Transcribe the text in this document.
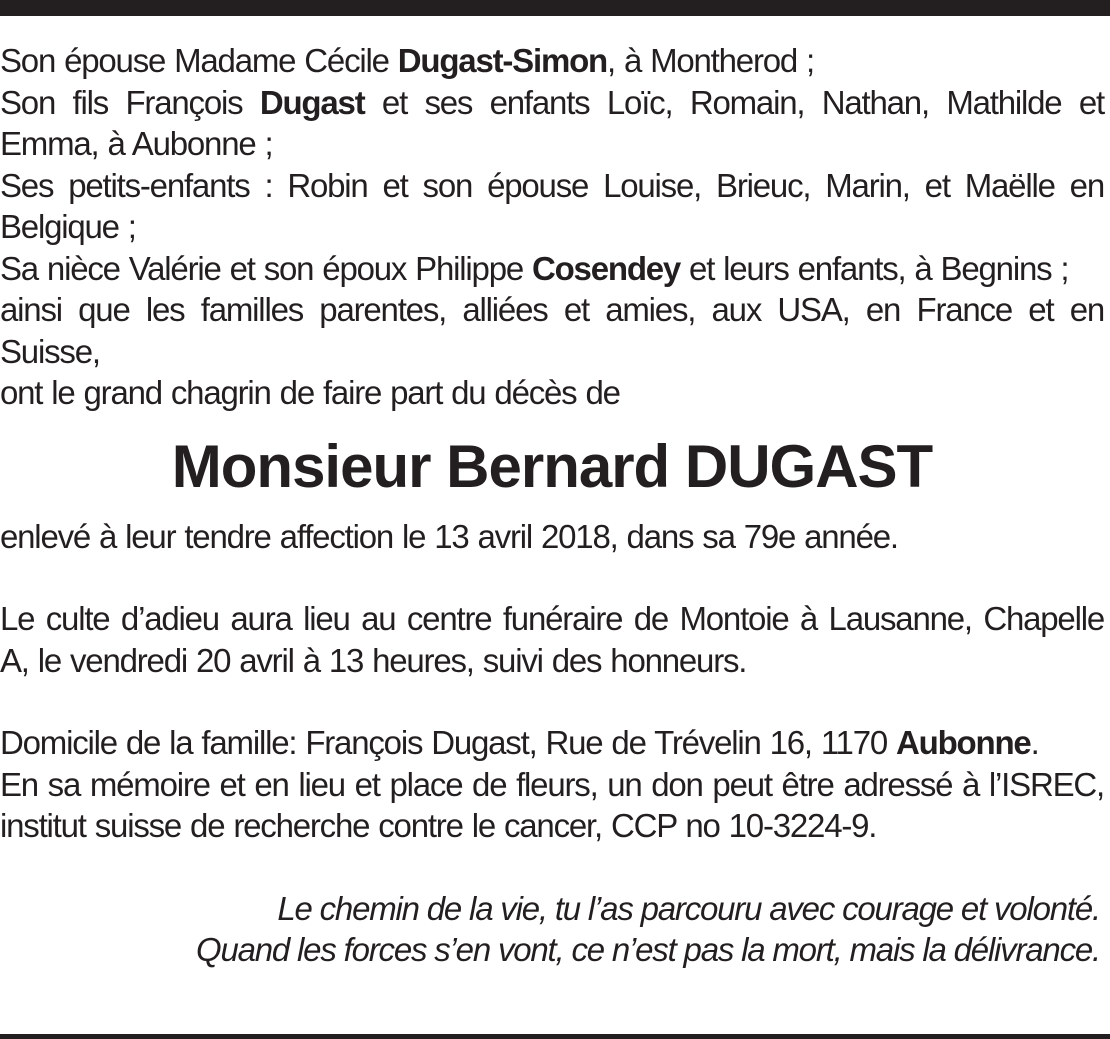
Son épouse Madame Cécile Dugast-Simon, à Montherod ;

Son fils François Dugast et ses enfants Loïc, Romain, Nathan, Mathilde et Emma, à Aubonne ;

Ses petits-enfants : Robin et son épouse Louise, Brieuc, Marin, et Maëlle en Belgique ;

Sa nièce Valérie et son époux Philippe Cosendey et leurs enfants, à Begnins ;

ainsi que les familles parentes, alliées et amies, aux USA, en France et en Suisse,

ont le grand chagrin de faire part du décès de

Monsieur Bernard DUGAST

enlevé à leur tendre affection le 13 avril 2018, dans sa 79e année.

Le culte d’adieu aura lieu au centre funéraire de Montoie à Lausanne, Chapelle A, le vendredi 20 avril à 13 heures, suivi des honneurs.

Domicile de la famille: François Dugast, Rue de Trévelin 16, 1170 Aubonne.

En sa mémoire et en lieu et place de fleurs, un don peut être adressé à l’ISREC, institut suisse de recherche contre le cancer, CCP no 10-3224-9.

Le chemin de la vie, tu l’as parcouru avec courage et volonté.
Quand les forces s’en vont, ce n’est pas la mort, mais la délivrance.
